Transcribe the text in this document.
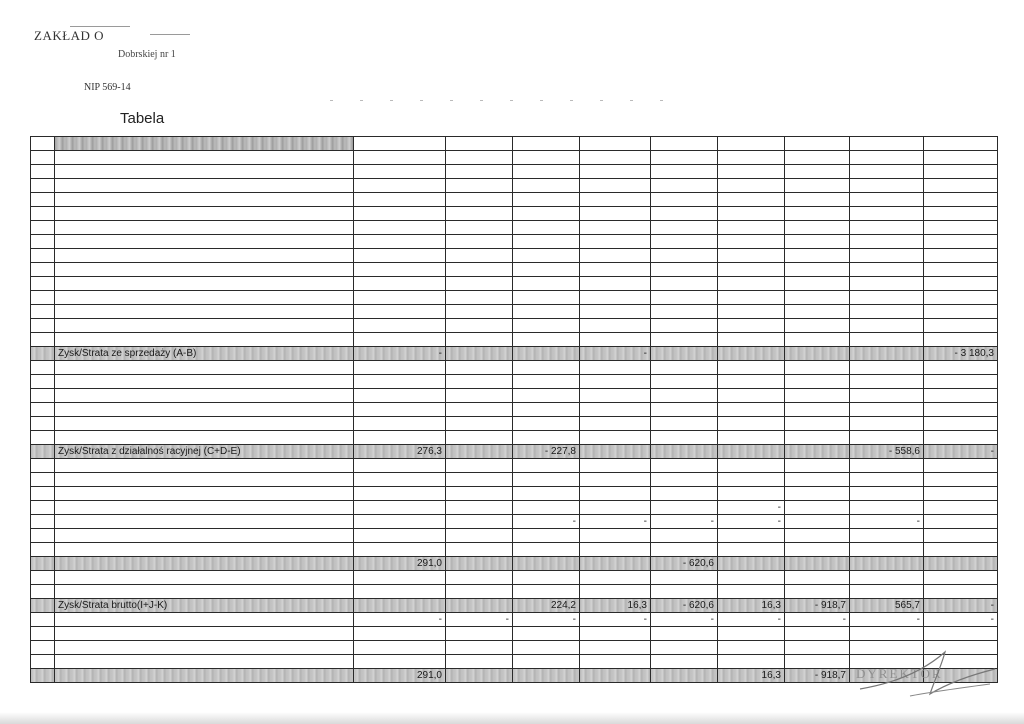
ZAKŁAD O
Dobrskiej nr 1
NIP 569-14
Tabela

	Zysk/Strata ze sprzedaży (A-B)	-			-					- 3 180,3

	Zysk/Strata z działalnoś racyjnej (C+D-E)	276,3		- 227,8					- 558,6	-

							-			
				-	-	-	-		-	

		291,0				- 620,6				

	Zysk/Strata brutto(I+J-K)			224,2	16,3	- 620,6	16,3	- 918,7	565,7	-
		-	-	-	-	-	-	-	-	-

		291,0					16,3	- 918,7		DYREKTOR
